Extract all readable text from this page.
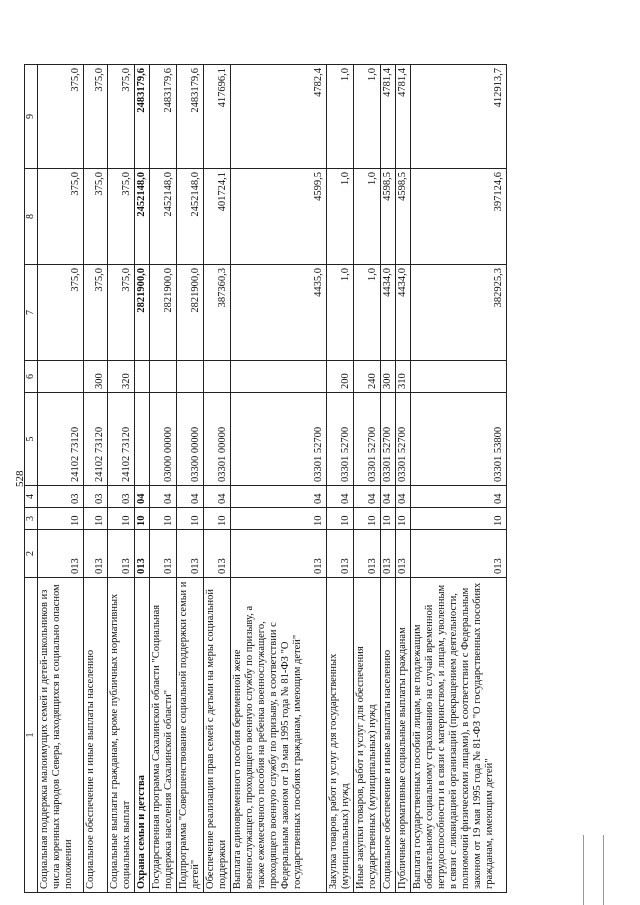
528
1	2	3	4	5	6	7	8	9
Социальная поддержка малоимущих семей и детей-школьников из числа коренных народов Севера, находящихся в социально опасном положении	013	10	03	24102 73120		375,0	375,0	375,0
Социальное обеспечение и иные выплаты населению	013	10	03	24102 73120	300	375,0	375,0	375,0
Социальные выплаты гражданам, кроме публичных нормативных социальных выплат	013	10	03	24102 73120	320	375,0	375,0	375,0
Охрана семьи и детства	013	10	04			2821900,0	2452148,0	2483179,6
Государственная программа Сахалинской области "Социальная поддержка населения Сахалинской области"	013	10	04	03000 00000		2821900,0	2452148,0	2483179,6
Подпрограмма "Совершенствование социальной поддержки семьи и детей"	013	10	04	03300 00000		2821900,0	2452148,0	2483179,6
Обеспечение реализации прав семей с детьми на меры социальной поддержки	013	10	04	03301 00000		387360,3	401724,1	417696,1
Выплата единовременного пособия беременной жене военнослужащего, проходящего военную службу по призыву, а также ежемесячного пособия на ребенка военнослужащего, проходящего военную службу по призыву, в соответствии с Федеральным законом от 19 мая 1995 года № 81-ФЗ "О государственных пособиях гражданам, имеющим детей"	013	10	04	03301 52700		4435,0	4599,5	4782,4
Закупка товаров, работ и услуг для государственных (муниципальных) нужд	013	10	04	03301 52700	200	1,0	1,0	1,0
Иные закупки товаров, работ и услуг для обеспечения государственных (муниципальных) нужд	013	10	04	03301 52700	240	1,0	1,0	1,0
Социальное обеспечение и иные выплаты населению	013	10	04	03301 52700	300	4434,0	4598,5	4781,4
Публичные нормативные социальные выплаты гражданам	013	10	04	03301 52700	310	4434,0	4598,5	4781,4
Выплата государственных пособий лицам, не подлежащим обязательному социальному страхованию на случай временной нетрудоспособности и в связи с материнством, и лицам, уволенным в связи с ликвидацией организаций (прекращением деятельности, полномочий физическими лицами), в соответствии с Федеральным законом от 19 мая 1995 года № 81-ФЗ "О государственных пособиях гражданам, имеющим детей"	013	10	04	03301 53800		382925,3	397124,6	412913,7
